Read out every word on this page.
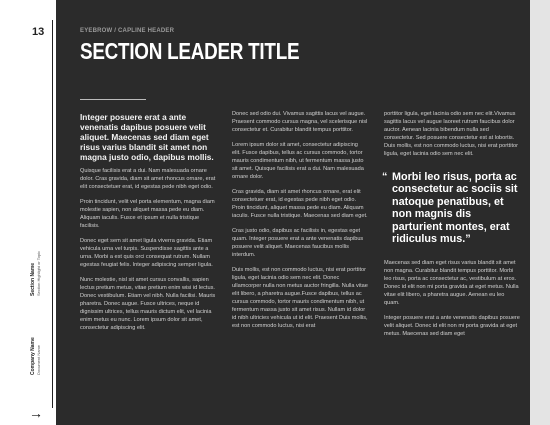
13
Section Name Section Highlight or Topic
Company Name Document Name
→
EYEBROW / CAPLINE HEADER
SECTION LEADER TITLE

Integer posuere erat a ante venenatis dapibus posuere velit aliquet. Maecenas sed diam eget risus varius blandit sit amet non magna justo odio, dapibus mollis.

Quisque facilisis erat a dui. Nam malesuada ornare dolor. Cras gravida, diam sit amet rhoncus ornare, erat elit consectetuer erat, id egestas pede nibh eget odio.

Proin tincidunt, velit vel porta elementum, magna diam molestie sapien, non aliquet massa pede eu diam. Aliquam iaculis. Fusce et ipsum et nulla tristique facilisis.

Donec eget sem sit amet ligula viverra gravida. Etiam vehicula urna vel turpis. Suspendisse sagittis ante a urna. Morbi a est quis orci consequat rutrum. Nullam egestas feugiat felis. Integer adipiscing semper ligula.

Nunc molestie, nisl sit amet cursus convallis, sapien lectus pretium metus, vitae pretium enim wisi id lectus. Donec vestibulum. Etiam vel nibh. Nulla facilisi. Mauris pharetra. Donec augue. Fusce ultrices, neque id dignissim ultrices, tellus mauris dictum elit, vel lacinia enim metus eu nunc. Lorem ipsum dolor sit amet, consectetur adipiscing elit.

Donec sed odio dui. Vivamus sagittis lacus vel augue. Praesent commodo cursus magna, vel scelerisque nisl consectetur et. Curabitur blandit tempus porttitor.

Lorem ipsum dolor sit amet, consectetur adipiscing elit. Fusce dapibus, tellus ac cursus commodo, tortor mauris condimentum nibh, ut fermentum massa justo sit amet. Quisque facilisis erat a dui. Nam malesuada ornare dolor.

Cras gravida, diam sit amet rhoncus ornare, erat elit consectetuer erat, id egestas pede nibh eget odio. Proin tincidunt, aliquet massa pede eu diam. Aliquam iaculis. Fusce nulla tristique. Maecenas sed diam eget.

Cras justo odio, dapibus ac facilisis in, egestas eget quam. Integer posuere erat a ante venenatis dapibus posuere velit aliquet. Maecenas faucibus mollis interdum.

Duis mollis, est non commodo luctus, nisi erat porttitor ligula, eget lacinia odio sem nec elit. Donec ullamcorper nulla non metus auctor fringilla. Nulla vitae elit libero, a pharetra augue.Fusce dapibus, tellus ac cursus commodo, tortor mauris condimentum nibh, ut fermentum massa justo sit amet risus. Nullam id dolor id nibh ultricies vehicula ut id elit. Praesent Duis mollis, est non commodo luctus, nisi erat

porttitor ligula, eget lacinia odio sem nec elit.Vivamus sagittis lacus vel augue laoreet rutrum faucibus dolor auctor. Aenean lacinia bibendum nulla sed consectetur. Sed posuere consectetur est at lobortis. Duis mollis, est non commodo luctus, nisi erat porttitor ligula, eget lacinia odio sem nec elit.

“ Morbi leo risus, porta ac consectetur ac sociis sit natoque penatibus, et non magnis dis parturient montes, erat ridiculus mus.”

Maecenas sed diam eget risus varius blandit sit amet non magna. Curabitur blandit tempus porttitor. Morbi leo risus, porta ac consectetur ac, vestibulum at eros. Donec id elit non mi porta gravida at eget metus. Nulla vitae elit libero, a pharetra augue. Aenean eu leo quam.

Integer posuere erat a ante venenatis dapibus posuere velit aliquet. Donec id elit non mi porta gravida at eget metus. Maecenas sed diam eget
